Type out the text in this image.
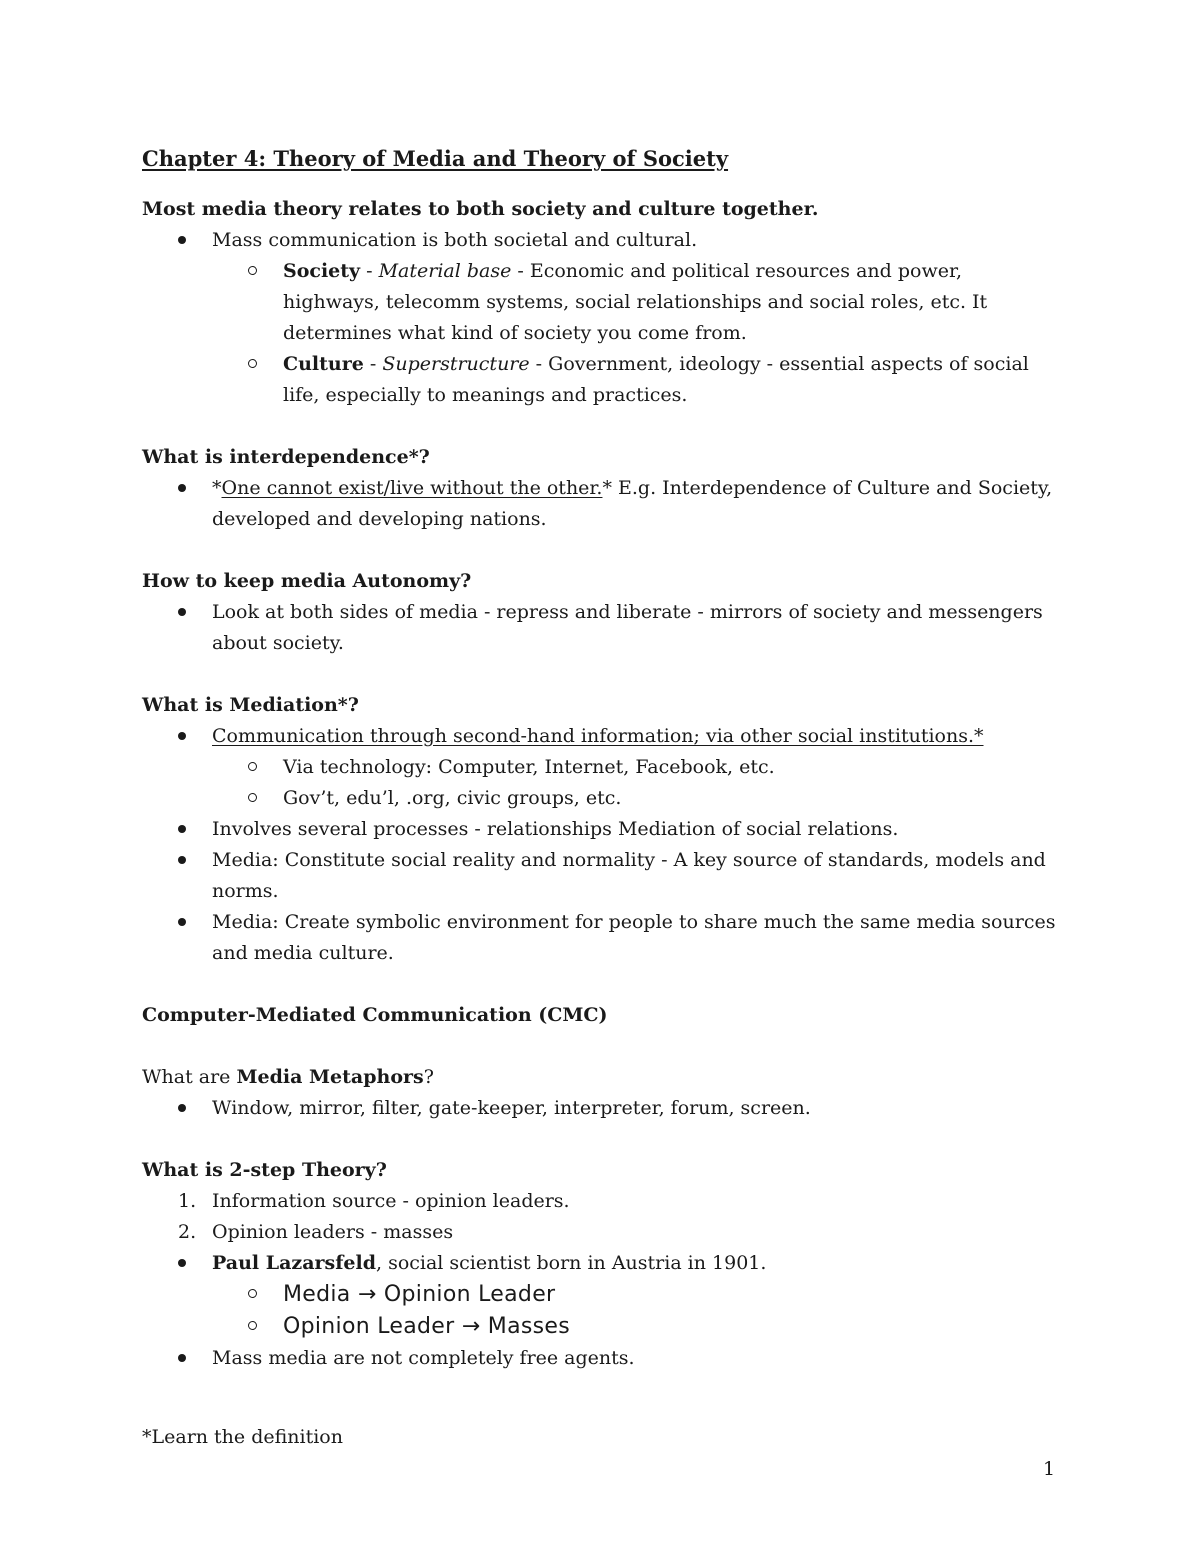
Chapter 4: Theory of Media and Theory of Society

Most media theory relates to both society and culture together.

Mass communication is both societal and cultural.
Society - Material base - Economic and political resources and power, highways, telecomm systems, social relationships and social roles, etc. It determines what kind of society you come from.
Culture - Superstructure - Government, ideology - essential aspects of social life, especially to meanings and practices.

What is interdependence*?

*One cannot exist/live without the other.* E.g. Interdependence of Culture and Society, developed and developing nations.

How to keep media Autonomy?

Look at both sides of media - repress and liberate - mirrors of society and messengers about society.

What is Mediation*?

Communication through second-hand information; via other social institutions.*
Via technology: Computer, Internet, Facebook, etc.
Gov’t, edu’l, .org, civic groups, etc.
Involves several processes - relationships Mediation of social relations.
Media: Constitute social reality and normality - A key source of standards, models and norms.
Media: Create symbolic environment for people to share much the same media sources and media culture.

Computer-Mediated Communication (CMC)

What are Media Metaphors?

Window, mirror, filter, gate-keeper, interpreter, forum, screen.

What is 2-step Theory?

1. Information source - opinion leaders.
2. Opinion leaders - masses
Paul Lazarsfeld, social scientist born in Austria in 1901.
Media → Opinion Leader
Opinion Leader → Masses
Mass media are not completely free agents.
*Learn the definition
1
